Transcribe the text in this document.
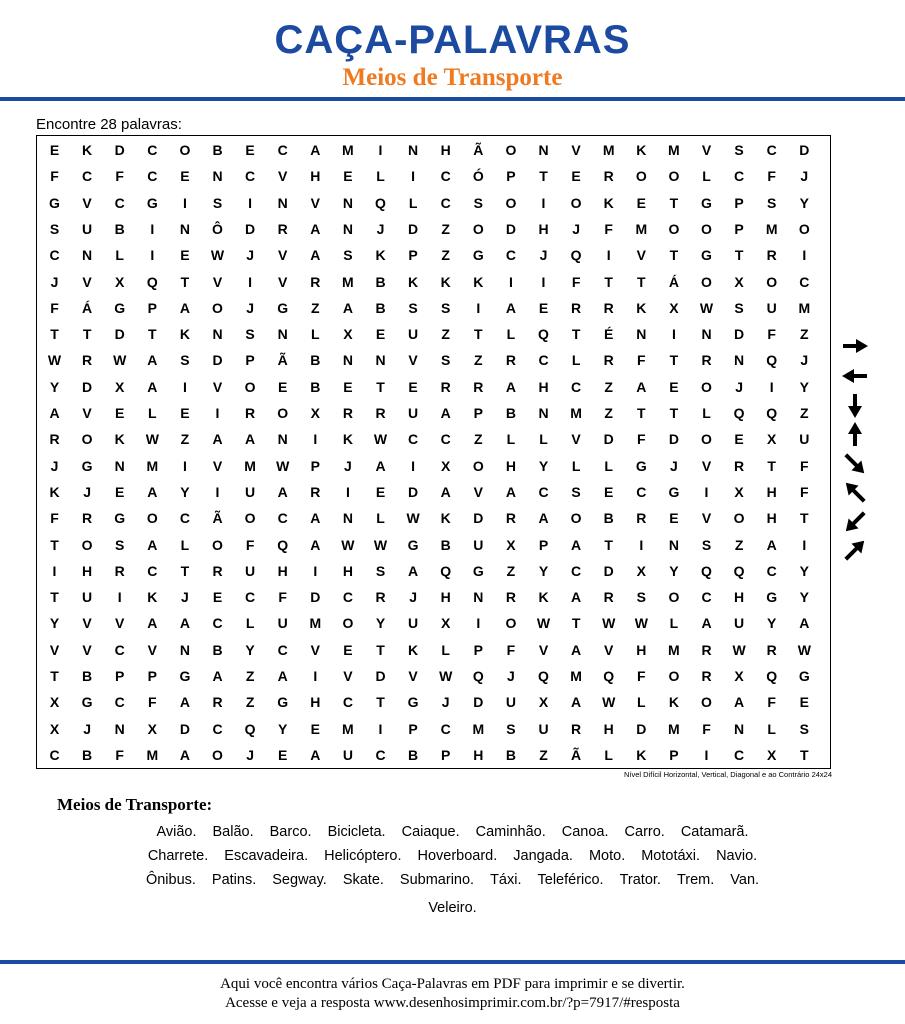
CAÇA-PALAVRAS
Meios de Transporte
Encontre 28 palavras:
E	K	D	C	O	B	E	C	A	M	I	N	H	Ã	O	N	V	M	K	M	V	S	C	D
F	C	F	C	E	N	C	V	H	E	L	I	C	Ó	P	T	E	R	O	O	L	C	F	J
G	V	C	G	I	S	I	N	V	N	Q	L	C	S	O	I	O	K	E	T	G	P	S	Y
S	U	B	I	N	Ô	D	R	A	N	J	D	Z	O	D	H	J	F	M	O	O	P	M	O
C	N	L	I	E	W	J	V	A	S	K	P	Z	G	C	J	Q	I	V	T	G	T	R	I
J	V	X	Q	T	V	I	V	R	M	B	K	K	K	I	I	F	T	T	Á	O	X	O	C
F	Á	G	P	A	O	J	G	Z	A	B	S	S	I	A	E	R	R	K	X	W	S	U	M
T	T	D	T	K	N	S	N	L	X	E	U	Z	T	L	Q	T	É	N	I	N	D	F	Z
W	R	W	A	S	D	P	Ã	B	N	N	V	S	Z	R	C	L	R	F	T	R	N	Q	J
Y	D	X	A	I	V	O	E	B	E	T	E	R	R	A	H	C	Z	A	E	O	J	I	Y
A	V	E	L	E	I	R	O	X	R	R	U	A	P	B	N	M	Z	T	T	L	Q	Q	Z
R	O	K	W	Z	A	A	N	I	K	W	C	C	Z	L	L	V	D	F	D	O	E	X	U
J	G	N	M	I	V	M	W	P	J	A	I	X	O	H	Y	L	L	G	J	V	R	T	F
K	J	E	A	Y	I	U	A	R	I	E	D	A	V	A	C	S	E	C	G	I	X	H	F
F	R	G	O	C	Ã	O	C	A	N	L	W	K	D	R	A	O	B	R	E	V	O	H	T
T	O	S	A	L	O	F	Q	A	W	W	G	B	U	X	P	A	T	I	N	S	Z	A	I
I	H	R	C	T	R	U	H	I	H	S	A	Q	G	Z	Y	C	D	X	Y	Q	Q	C	Y
T	U	I	K	J	E	C	F	D	C	R	J	H	N	R	K	A	R	S	O	C	H	G	Y
Y	V	V	A	A	C	L	U	M	O	Y	U	X	I	O	W	T	W	W	L	A	U	Y	A
V	V	C	V	N	B	Y	C	V	E	T	K	L	P	F	V	A	V	H	M	R	W	R	W
T	B	P	P	G	A	Z	A	I	V	D	V	W	Q	J	Q	M	Q	F	O	R	X	Q	G
X	G	C	F	A	R	Z	G	H	C	T	G	J	D	U	X	A	W	L	K	O	A	F	E
X	J	N	X	D	C	Q	Y	E	M	I	P	C	M	S	U	R	H	D	M	F	N	L	S
C	B	F	M	A	O	J	E	A	U	C	B	P	H	B	Z	Ã	L	K	P	I	C	X	T
Nível Difícil Horizontal, Vertical, Diagonal e ao Contrário 24x24
Meios de Transporte:
Avião. Balão. Barco. Bicicleta. Caiaque. Caminhão. Canoa. Carro. Catamarã.
Charrete. Escavadeira. Helicóptero. Hoverboard. Jangada. Moto. Mototáxi. Navio.
Ônibus. Patins. Segway. Skate. Submarino. Táxi. Teleférico. Trator. Trem. Van.
Veleiro.
Aqui você encontra vários Caça-Palavras em PDF para imprimir e se divertir.
Acesse e veja a resposta www.desenhosimprimir.com.br/?p=7917/#resposta
